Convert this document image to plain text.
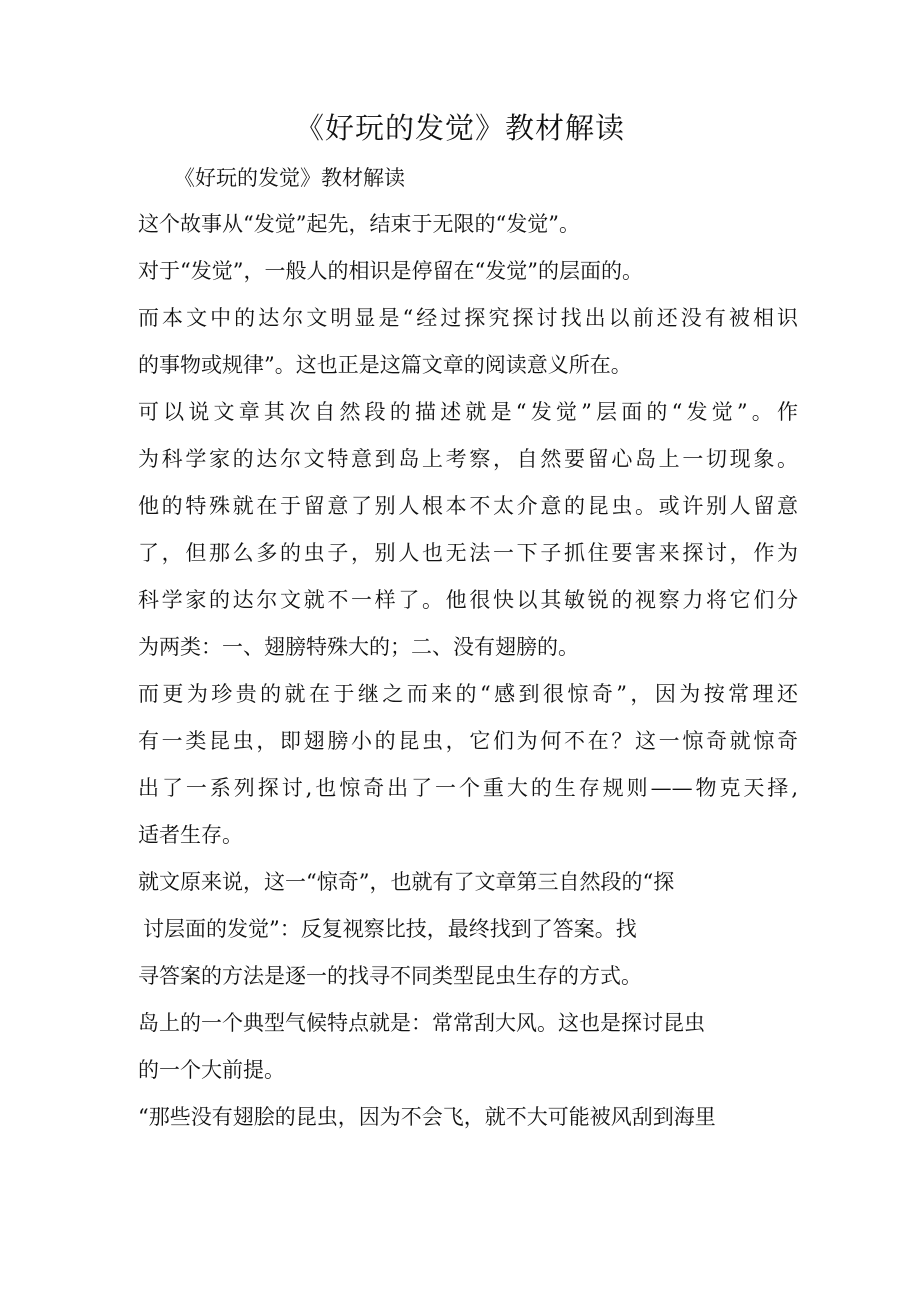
《好玩的发觉》教材解读
《好玩的发觉》教材解读
这个故事从“发觉”起先，结束于无限的“发觉”。
对于“发觉”，一般人的相识是停留在“发觉”的层面的。
而本文中的达尔文明显是“经过探究探讨找出以前还没有被相识
的事物或规律”。这也正是这篇文章的阅读意义所在。
可以说文章其次自然段的描述就是“发觉”层面的“发觉”。作
为科学家的达尔文特意到岛上考察，自然要留心岛上一切现象。
他的特殊就在于留意了别人根本不太介意的昆虫。或许别人留意
了，但那么多的虫子，别人也无法一下子抓住要害来探讨，作为
科学家的达尔文就不一样了。他很快以其敏锐的视察力将它们分
为两类：一、翅膀特殊大的；二、没有翅膀的。
而更为珍贵的就在于继之而来的“感到很惊奇”，因为按常理还
有一类昆虫，即翅膀小的昆虫，它们为何不在？这一惊奇就惊奇
出了一系列探讨,也惊奇出了一个重大的生存规则——物克天择,
适者生存。
就文原来说，这一“惊奇”，也就有了文章第三自然段的“探
讨层面的发觉”：反复视察比技，最终找到了答案。找
寻答案的方法是逐一的找寻不同类型昆虫生存的方式。
岛上的一个典型气候特点就是：常常刮大风。这也是探讨昆虫
的一个大前提。
“那些没有翅脍的昆虫，因为不会飞，就不大可能被风刮到海里
